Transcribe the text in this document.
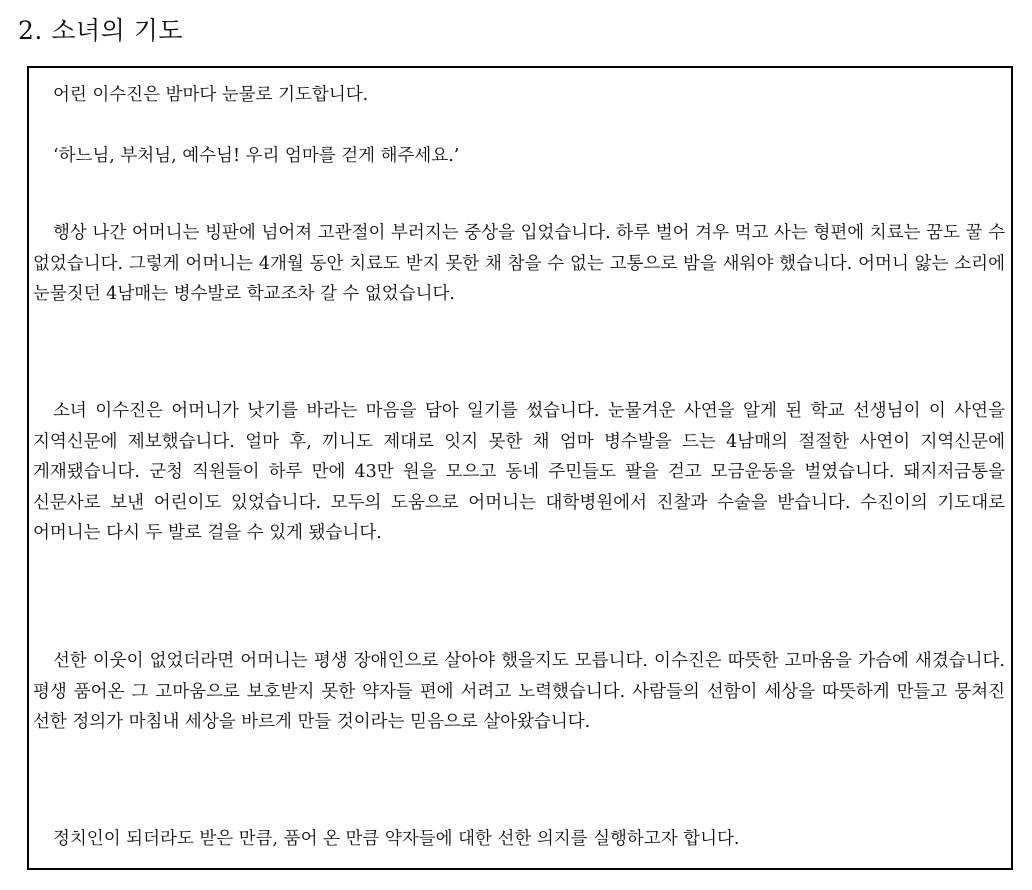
2. 소녀의 기도

어린 이수진은 밤마다 눈물로 기도합니다.

‘하느님, 부처님, 예수님! 우리 엄마를 걷게 해주세요.’

행상 나간 어머니는 빙판에 넘어져 고관절이 부러지는 중상을 입었습니다. 하루 벌어 겨우 먹고 사는 형편에 치료는 꿈도 꿀 수 없었습니다. 그렇게 어머니는 4개월 동안 치료도 받지 못한 채 참을 수 없는 고통으로 밤을 새워야 했습니다. 어머니 앓는 소리에 눈물짓던 4남매는 병수발로 학교조차 갈 수 없었습니다.

소녀 이수진은 어머니가 낫기를 바라는 마음을 담아 일기를 썼습니다. 눈물겨운 사연을 알게 된 학교 선생님이 이 사연을 지역신문에 제보했습니다. 얼마 후, 끼니도 제대로 잇지 못한 채 엄마 병수발을 드는 4남매의 절절한 사연이 지역신문에 게재됐습니다. 군청 직원들이 하루 만에 43만 원을 모으고 동네 주민들도 팔을 걷고 모금운동을 벌였습니다. 돼지저금통을 신문사로 보낸 어린이도 있었습니다. 모두의 도움으로 어머니는 대학병원에서 진찰과 수술을 받습니다. 수진이의 기도대로 어머니는 다시 두 발로 걸을 수 있게 됐습니다.

선한 이웃이 없었더라면 어머니는 평생 장애인으로 살아야 했을지도 모릅니다. 이수진은 따뜻한 고마움을 가슴에 새겼습니다. 평생 품어온 그 고마움으로 보호받지 못한 약자들 편에 서려고 노력했습니다. 사람들의 선함이 세상을 따뜻하게 만들고 뭉쳐진 선한 정의가 마침내 세상을 바르게 만들 것이라는 믿음으로 살아왔습니다.

정치인이 되더라도 받은 만큼, 품어 온 만큼 약자들에 대한 선한 의지를 실행하고자 합니다.
